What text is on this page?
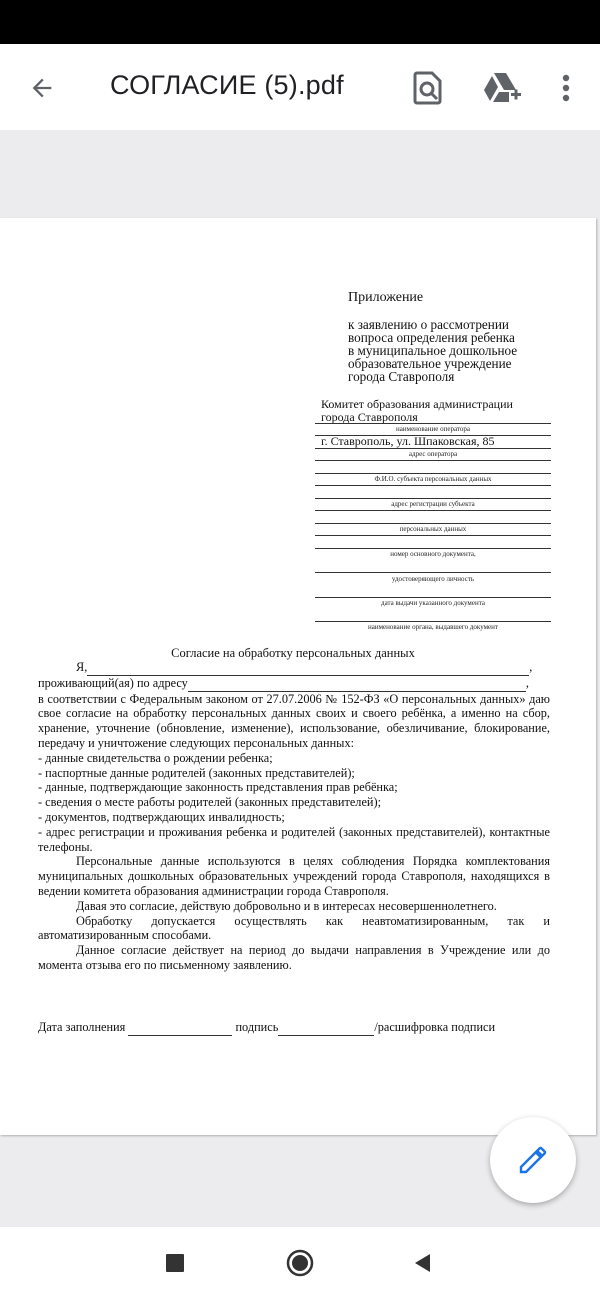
СОГЛАСИЕ (5).pdf
Приложение
к заявлению о рассмотрении
вопроса определения ребенка
в муниципальное дошкольное
образовательное учреждение
города Ставрополя
Комитет образования администрации
города Ставрополя
наименование оператора
г. Ставрополь, ул. Шпаковская, 85
адрес оператора
Ф.И.О. субъекта персональных данных
адрес регистрации субъекта
персональных данных
номер основного документа,
удостоверяющего личность
дата выдачи указанного документа
наименование органа, выдавшего документ
Согласие на обработку персональных данных

Я,	,

проживающий(ая) по адресу	,

в соответствии с Федеральным законом от 27.07.2006 № 152-ФЗ «О персональных данных» даю свое согласие на обработку персональных данных своих и своего ребёнка, а именно на сбор, хранение, уточнение (обновление, изменение), использование, обезличивание, блокирование, передачу и уничтожение следующих персональных данных:

- данные свидетельства о рождении ребенка;

- паспортные данные родителей (законных представителей);

- данные, подтверждающие законность представления прав ребёнка;

- сведения о месте работы родителей (законных представителей);

- документов, подтверждающих инвалидность;

- адрес регистрации и проживания ребенка и родителей (законных представителей), контактные телефоны.

Персональные данные используются в целях соблюдения Порядка комплектования муниципальных дошкольных образовательных учреждений города Ставрополя, находящихся в ведении комитета образования администрации города Ставрополя.

Давая это согласие, действую добровольно и в интересах несовершеннолетнего.

Обработку допускается осуществлять как неавтоматизированным, так и автоматизированным способами.

Данное согласие действует на период до выдачи направления в Учреждение или до момента отзыва его по письменному заявлению.

Дата заполнения	подпись	/расшифровка подписи
